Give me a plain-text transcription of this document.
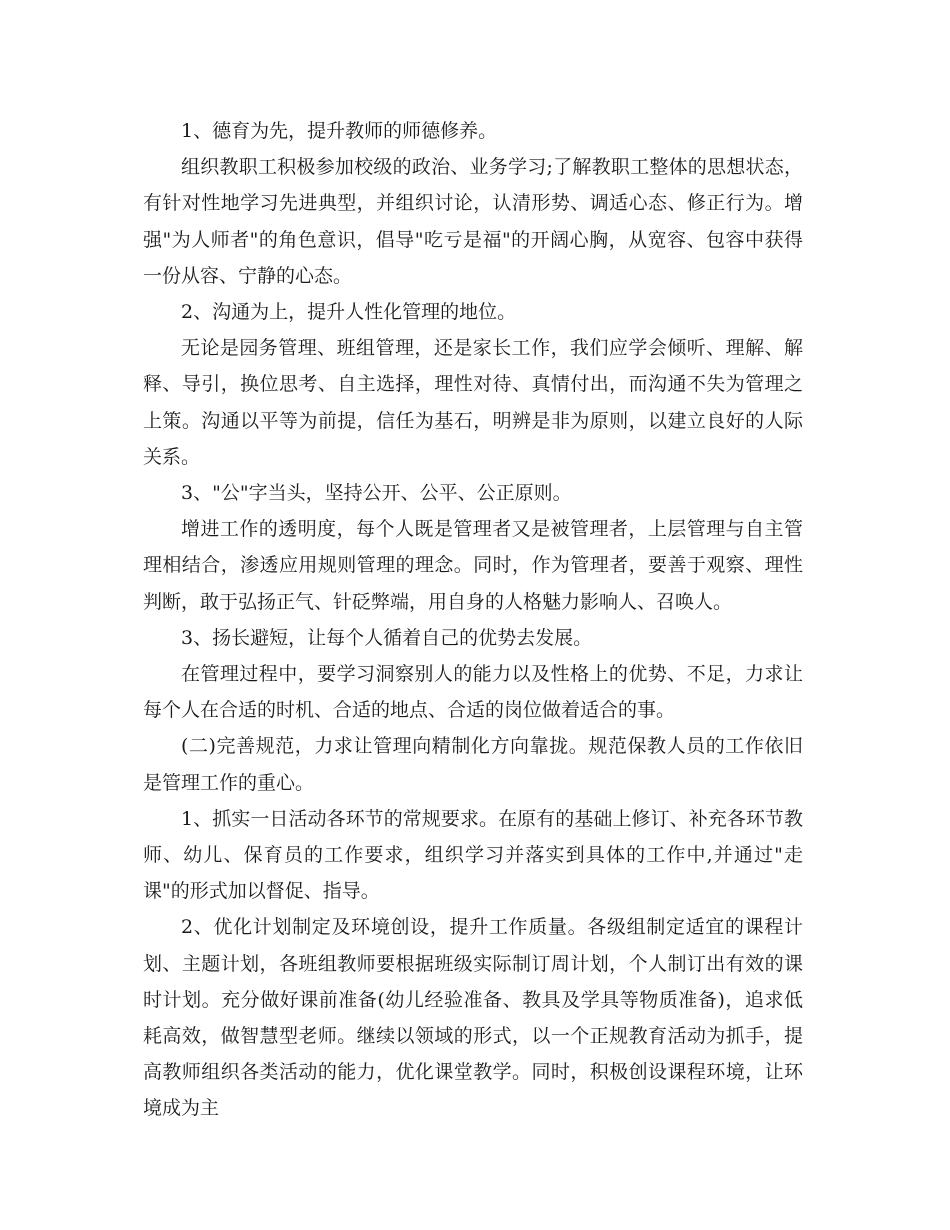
1、德育为先，提升教师的师德修养。

组织教职工积极参加校级的政治、业务学习;了解教职工整体的思想状态，有针对性地学习先进典型，并组织讨论，认清形势、调适心态、修正行为。增强"为人师者"的角色意识，倡导"吃亏是福"的开阔心胸，从宽容、包容中获得一份从容、宁静的心态。

2、沟通为上，提升人性化管理的地位。

无论是园务管理、班组管理，还是家长工作，我们应学会倾听、理解、解释、导引，换位思考、自主选择，理性对待、真情付出，而沟通不失为管理之上策。沟通以平等为前提，信任为基石，明辨是非为原则，以建立良好的人际关系。

3、"公"字当头，坚持公开、公平、公正原则。

增进工作的透明度，每个人既是管理者又是被管理者，上层管理与自主管理相结合，渗透应用规则管理的理念。同时，作为管理者，要善于观察、理性判断，敢于弘扬正气、针砭弊端，用自身的人格魅力影响人、召唤人。

3、扬长避短，让每个人循着自己的优势去发展。

在管理过程中，要学习洞察别人的能力以及性格上的优势、不足，力求让每个人在合适的时机、合适的地点、合适的岗位做着适合的事。

(二)完善规范，力求让管理向精制化方向靠拢。规范保教人员的工作依旧是管理工作的重心。

1、抓实一日活动各环节的常规要求。在原有的基础上修订、补充各环节教师、幼儿、保育员的工作要求，组织学习并落实到具体的工作中,并通过"走课"的形式加以督促、指导。

2、优化计划制定及环境创设，提升工作质量。各级组制定适宜的课程计划、主题计划，各班组教师要根据班级实际制订周计划，个人制订出有效的课时计划。充分做好课前准备(幼儿经验准备、教具及学具等物质准备)，追求低耗高效，做智慧型老师。继续以领域的形式，以一个正规教育活动为抓手，提高教师组织各类活动的能力，优化课堂教学。同时，积极创设课程环境，让环境成为主
